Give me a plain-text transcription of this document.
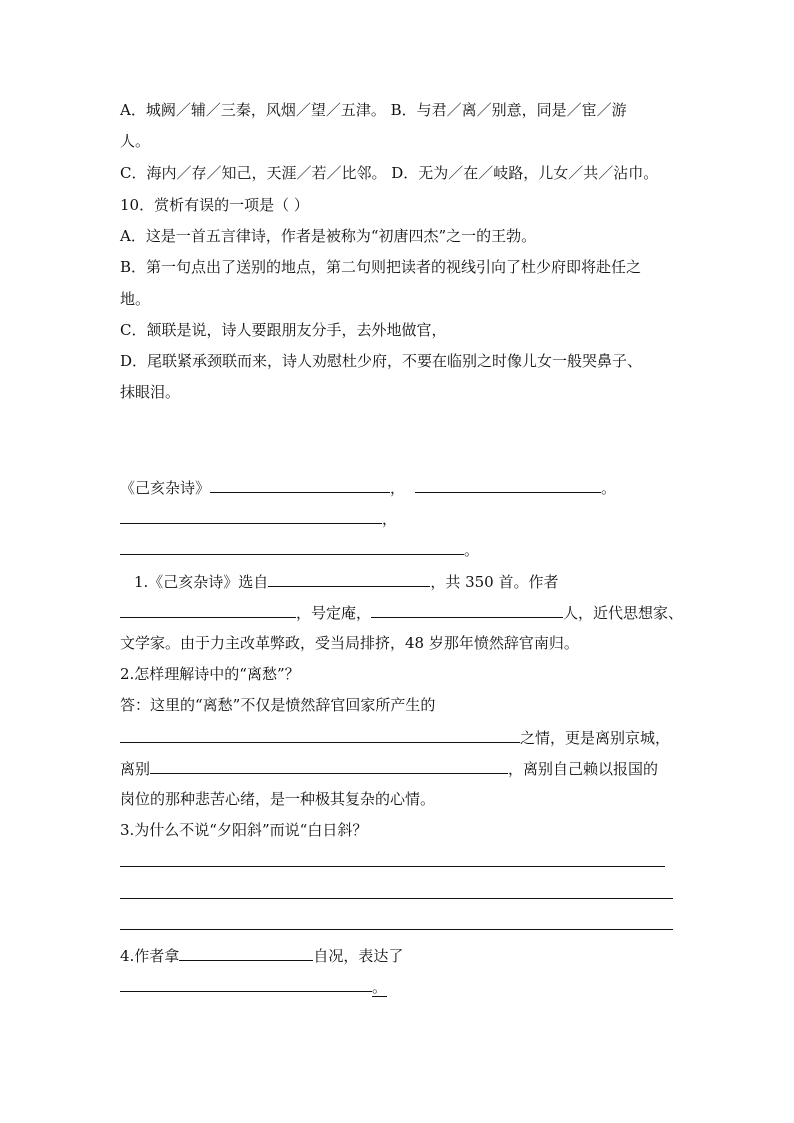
A．城阙／辅／三秦，风烟／望／五津。 B．与君／离／别意，同是／宦／游
人。
C．海内／存／知己，天涯／若／比邻。 D．无为／在／岐路，儿女／共／沾巾。
10．赏析有误的一项是（ ）
A．这是一首五言律诗，作者是被称为“初唐四杰”之一的王勃。
B．第一句点出了送别的地点，第二句则把读者的视线引向了杜少府即将赴任之
地。
C．颔联是说，诗人要跟朋友分手，去外地做官，
D．尾联紧承颈联而来，诗人劝慰杜少府，不要在临别之时像儿女一般哭鼻子、
抹眼泪。
《己亥杂诗》	，	。
，
。
1.《己亥杂诗》选自	，共 350 首。作者
，号定庵，	人，近代思想家、
文学家。由于力主改革弊政，受当局排挤，48 岁那年愤然辞官南归。
2.怎样理解诗中的“离愁”？
答：这里的“离愁”不仅是愤然辞官回家所产生的
之情，更是离别京城，
离别	，离别自己赖以报国的
岗位的那种悲苦心绪，是一种极其复杂的心情。
3.为什么不说“夕阳斜”而说“白日斜？
4.作者拿	自况，表达了
。
